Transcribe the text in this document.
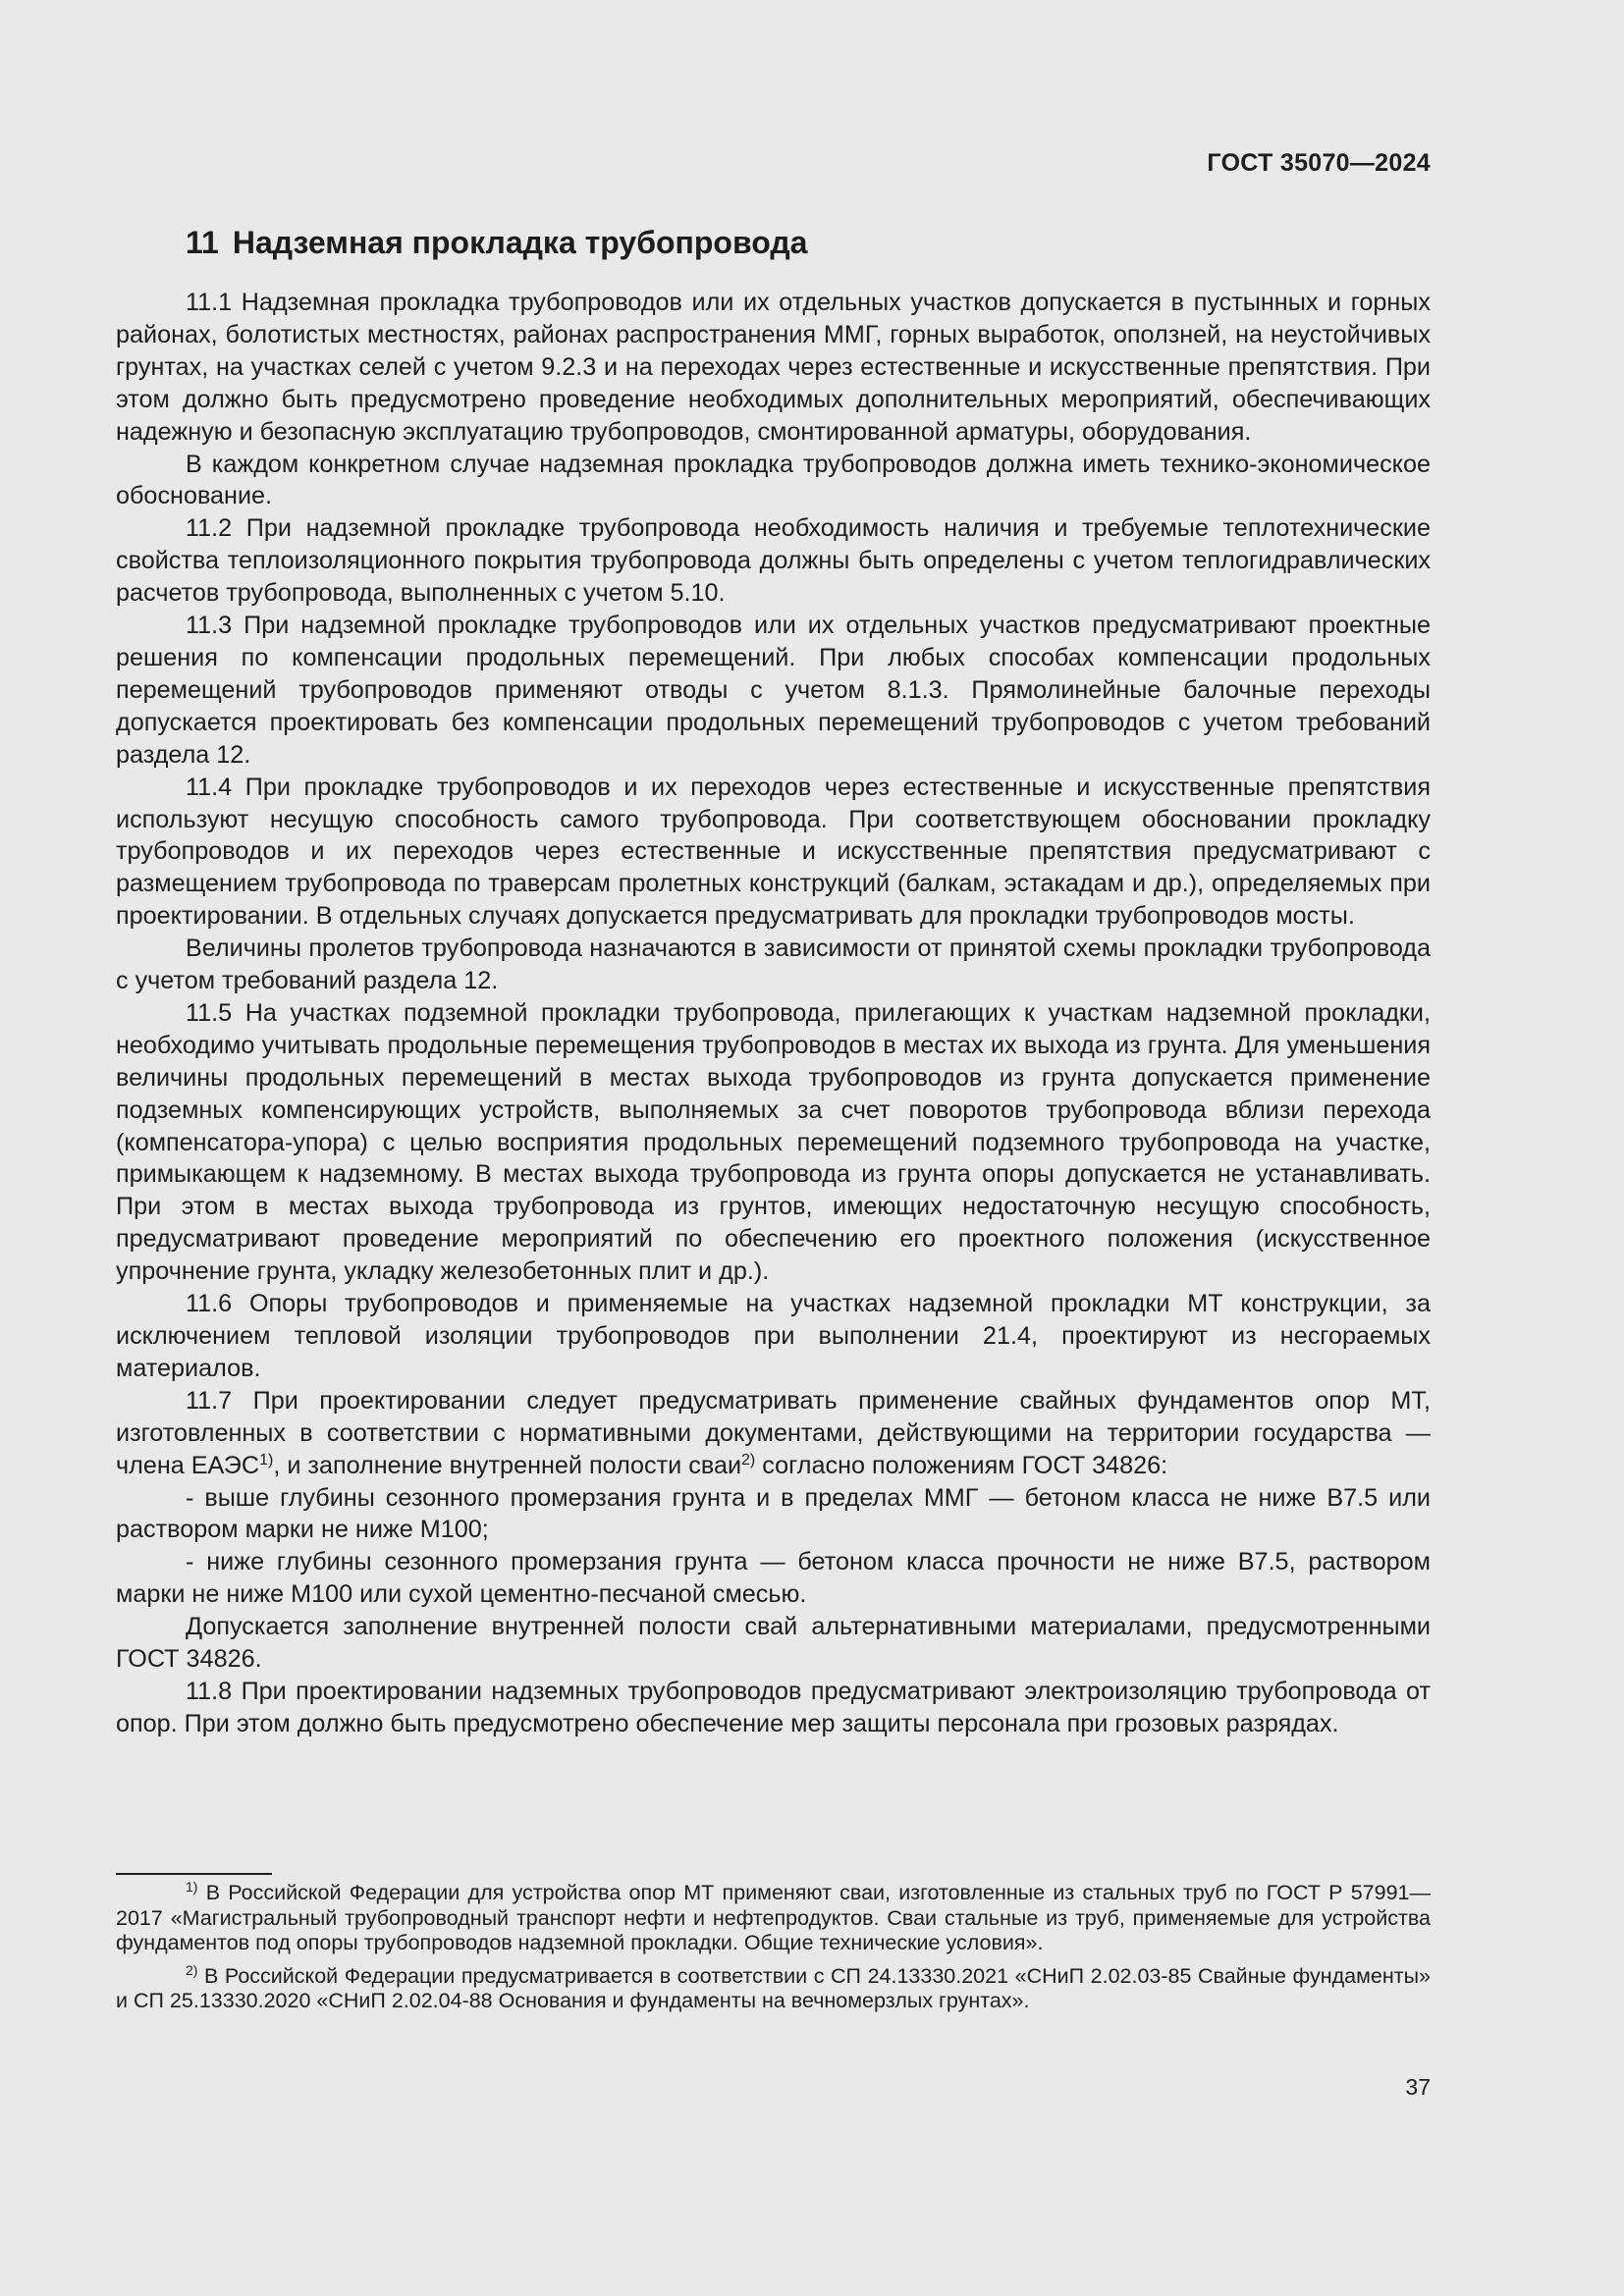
ГОСТ 35070—2024
11 Надземная прокладка трубопровода

11.1 Надземная прокладка трубопроводов или их отдельных участков допускается в пустынных и горных районах, болотистых местностях, районах распространения ММГ, горных выработок, оползней, на неустойчивых грунтах, на участках селей с учетом 9.2.3 и на переходах через естественные и искусственные препятствия. При этом должно быть предусмотрено проведение необходимых дополнительных мероприятий, обеспечивающих надежную и безопасную эксплуатацию трубопроводов, смонтированной арматуры, оборудования.

В каждом конкретном случае надземная прокладка трубопроводов должна иметь технико-экономическое обоснование.

11.2 При надземной прокладке трубопровода необходимость наличия и требуемые теплотехнические свойства теплоизоляционного покрытия трубопровода должны быть определены с учетом теплогидравлических расчетов трубопровода, выполненных с учетом 5.10.

11.3 При надземной прокладке трубопроводов или их отдельных участков предусматривают проектные решения по компенсации продольных перемещений. При любых способах компенсации продольных перемещений трубопроводов применяют отводы с учетом 8.1.3. Прямолинейные балочные переходы допускается проектировать без компенсации продольных перемещений трубопроводов с учетом требований раздела 12.

11.4 При прокладке трубопроводов и их переходов через естественные и искусственные препятствия используют несущую способность самого трубопровода. При соответствующем обосновании прокладку трубопроводов и их переходов через естественные и искусственные препятствия предусматривают с размещением трубопровода по траверсам пролетных конструкций (балкам, эстакадам и др.), определяемых при проектировании. В отдельных случаях допускается предусматривать для прокладки трубопроводов мосты.

Величины пролетов трубопровода назначаются в зависимости от принятой схемы прокладки трубопровода с учетом требований раздела 12.

11.5 На участках подземной прокладки трубопровода, прилегающих к участкам надземной прокладки, необходимо учитывать продольные перемещения трубопроводов в местах их выхода из грунта. Для уменьшения величины продольных перемещений в местах выхода трубопроводов из грунта допускается применение подземных компенсирующих устройств, выполняемых за счет поворотов трубопровода вблизи перехода (компенсатора-упора) с целью восприятия продольных перемещений подземного трубопровода на участке, примыкающем к надземному. В местах выхода трубопровода из грунта опоры допускается не устанавливать. При этом в местах выхода трубопровода из грунтов, имеющих недостаточную несущую способность, предусматривают проведение мероприятий по обеспечению его проектного положения (искусственное упрочнение грунта, укладку железобетонных плит и др.).

11.6 Опоры трубопроводов и применяемые на участках надземной прокладки МТ конструкции, за исключением тепловой изоляции трубопроводов при выполнении 21.4, проектируют из несгораемых материалов.

11.7 При проектировании следует предусматривать применение свайных фундаментов опор МТ, изготовленных в соответствии с нормативными документами, действующими на территории государства — члена ЕАЭС$^{1)}$, и заполнение внутренней полости сваи$^{2)}$ согласно положениям ГОСТ 34826:

- выше глубины сезонного промерзания грунта и в пределах ММГ — бетоном класса не ниже В7.5 или раствором марки не ниже М100;

- ниже глубины сезонного промерзания грунта — бетоном класса прочности не ниже В7.5, раствором марки не ниже М100 или сухой цементно-песчаной смесью.

Допускается заполнение внутренней полости свай альтернативными материалами, предусмотренными ГОСТ 34826.

11.8 При проектировании надземных трубопроводов предусматривают электроизоляцию трубопровода от опор. При этом должно быть предусмотрено обеспечение мер защиты персонала при грозовых разрядах.

$^{1)}$ В Российской Федерации для устройства опор МТ применяют сваи, изготовленные из стальных труб по ГОСТ Р 57991—2017 «Магистральный трубопроводный транспорт нефти и нефтепродуктов. Сваи стальные из труб, применяемые для устройства фундаментов под опоры трубопроводов надземной прокладки. Общие технические условия».

$^{2)}$ В Российской Федерации предусматривается в соответствии с СП 24.13330.2021 «СНиП 2.02.03-85 Свайные фундаменты» и СП 25.13330.2020 «СНиП 2.02.04-88 Основания и фундаменты на вечномерзлых грунтах».

37
